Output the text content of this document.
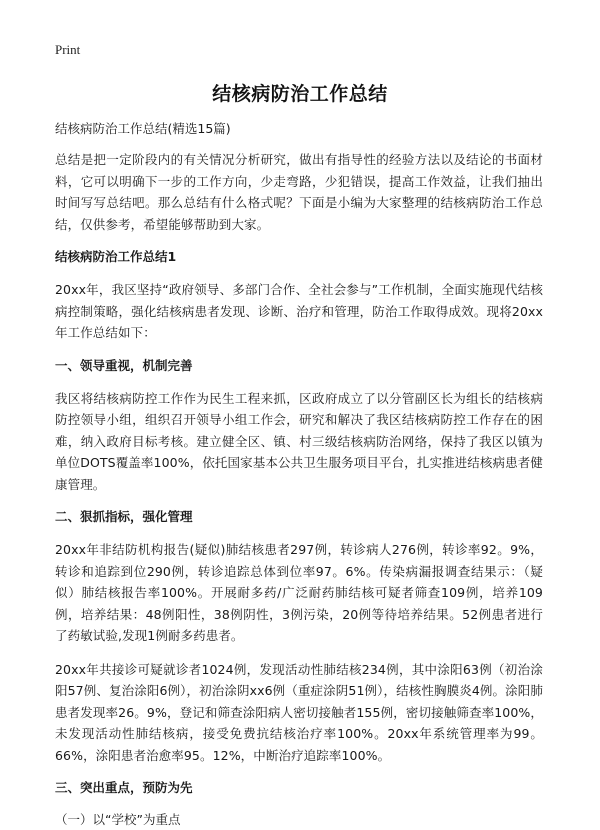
Print
结核病防治工作总结
结核病防治工作总结(精选15篇)

总结是把一定阶段内的有关情况分析研究，做出有指导性的经验方法以及结论的书面材料，它可以明确下一步的工作方向，少走弯路，少犯错误，提高工作效益，让我们抽出时间写写总结吧。那么总结有什么格式呢？下面是小编为大家整理的结核病防治工作总结，仅供参考，希望能够帮助到大家。

结核病防治工作总结1

20xx年，我区坚持“政府领导、多部门合作、全社会参与”工作机制，全面实施现代结核病控制策略，强化结核病患者发现、诊断、治疗和管理，防治工作取得成效。现将20xx年工作总结如下：

一、领导重视，机制完善

我区将结核病防控工作作为民生工程来抓，区政府成立了以分管副区长为组长的结核病防控领导小组，组织召开领导小组工作会，研究和解决了我区结核病防控工作存在的困难，纳入政府目标考核。建立健全区、镇、村三级结核病防治网络，保持了我区以镇为单位DOTS覆盖率100%，依托国家基本公共卫生服务项目平台，扎实推进结核病患者健康管理。

二、狠抓指标，强化管理

20xx年非结防机构报告(疑似)肺结核患者297例，转诊病人276例，转诊率92。9%，转诊和追踪到位290例，转诊追踪总体到位率97。6%。传染病漏报调查结果示：（疑似）肺结核报告率100%。开展耐多药/广泛耐药肺结核可疑者筛查109例，培养109例，培养结果：48例阳性，38例阴性，3例污染，20例等待培养结果。52例患者进行了药敏试验,发现1例耐多药患者。

20xx年共接诊可疑就诊者1024例，发现活动性肺结核234例，其中涂阳63例（初治涂阳57例、复治涂阳6例），初治涂阴xx6例（重症涂阴51例），结核性胸膜炎4例。涂阳肺患者发现率26。9%，登记和筛查涂阳病人密切接触者155例，密切接触筛查率100%，未发现活动性肺结核病，接受免费抗结核治疗率100%。20xx年系统管理率为99。66%，涂阳患者治愈率95。12%，中断治疗追踪率100%。

三、突出重点，预防为先
（一）以“学校”为重点
